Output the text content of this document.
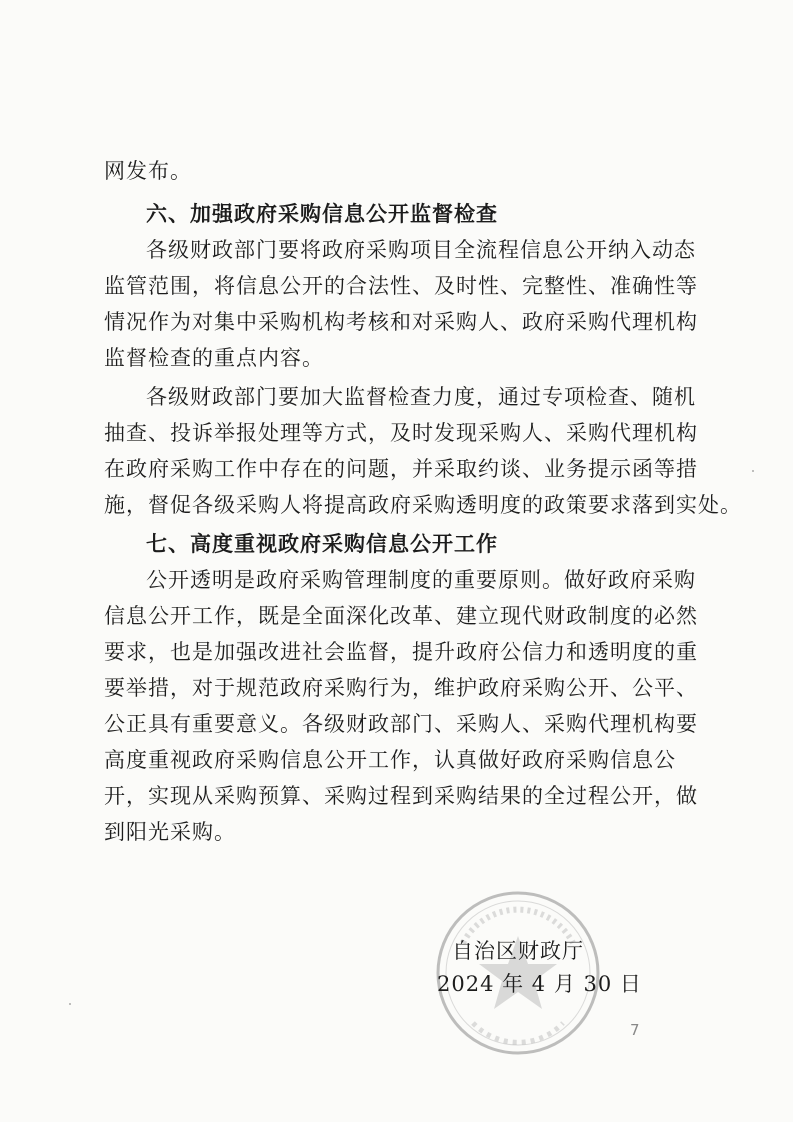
网发布。
六、加强政府采购信息公开监督检查
各级财政部门要将政府采购项目全流程信息公开纳入动态
监管范围，将信息公开的合法性、及时性、完整性、准确性等
情况作为对集中采购机构考核和对采购人、政府采购代理机构
监督检查的重点内容。
各级财政部门要加大监督检查力度，通过专项检查、随机
抽查、投诉举报处理等方式，及时发现采购人、采购代理机构
在政府采购工作中存在的问题，并采取约谈、业务提示函等措
施，督促各级采购人将提高政府采购透明度的政策要求落到实处。
七、高度重视政府采购信息公开工作
公开透明是政府采购管理制度的重要原则。做好政府采购
信息公开工作，既是全面深化改革、建立现代财政制度的必然
要求，也是加强改进社会监督，提升政府公信力和透明度的重
要举措，对于规范政府采购行为，维护政府采购公开、公平、
公正具有重要意义。各级财政部门、采购人、采购代理机构要
高度重视政府采购信息公开工作，认真做好政府采购信息公
开，实现从采购预算、采购过程到采购结果的全过程公开，做
到阳光采购。
自治区财政厅
2024 年 4 月 30 日
7
